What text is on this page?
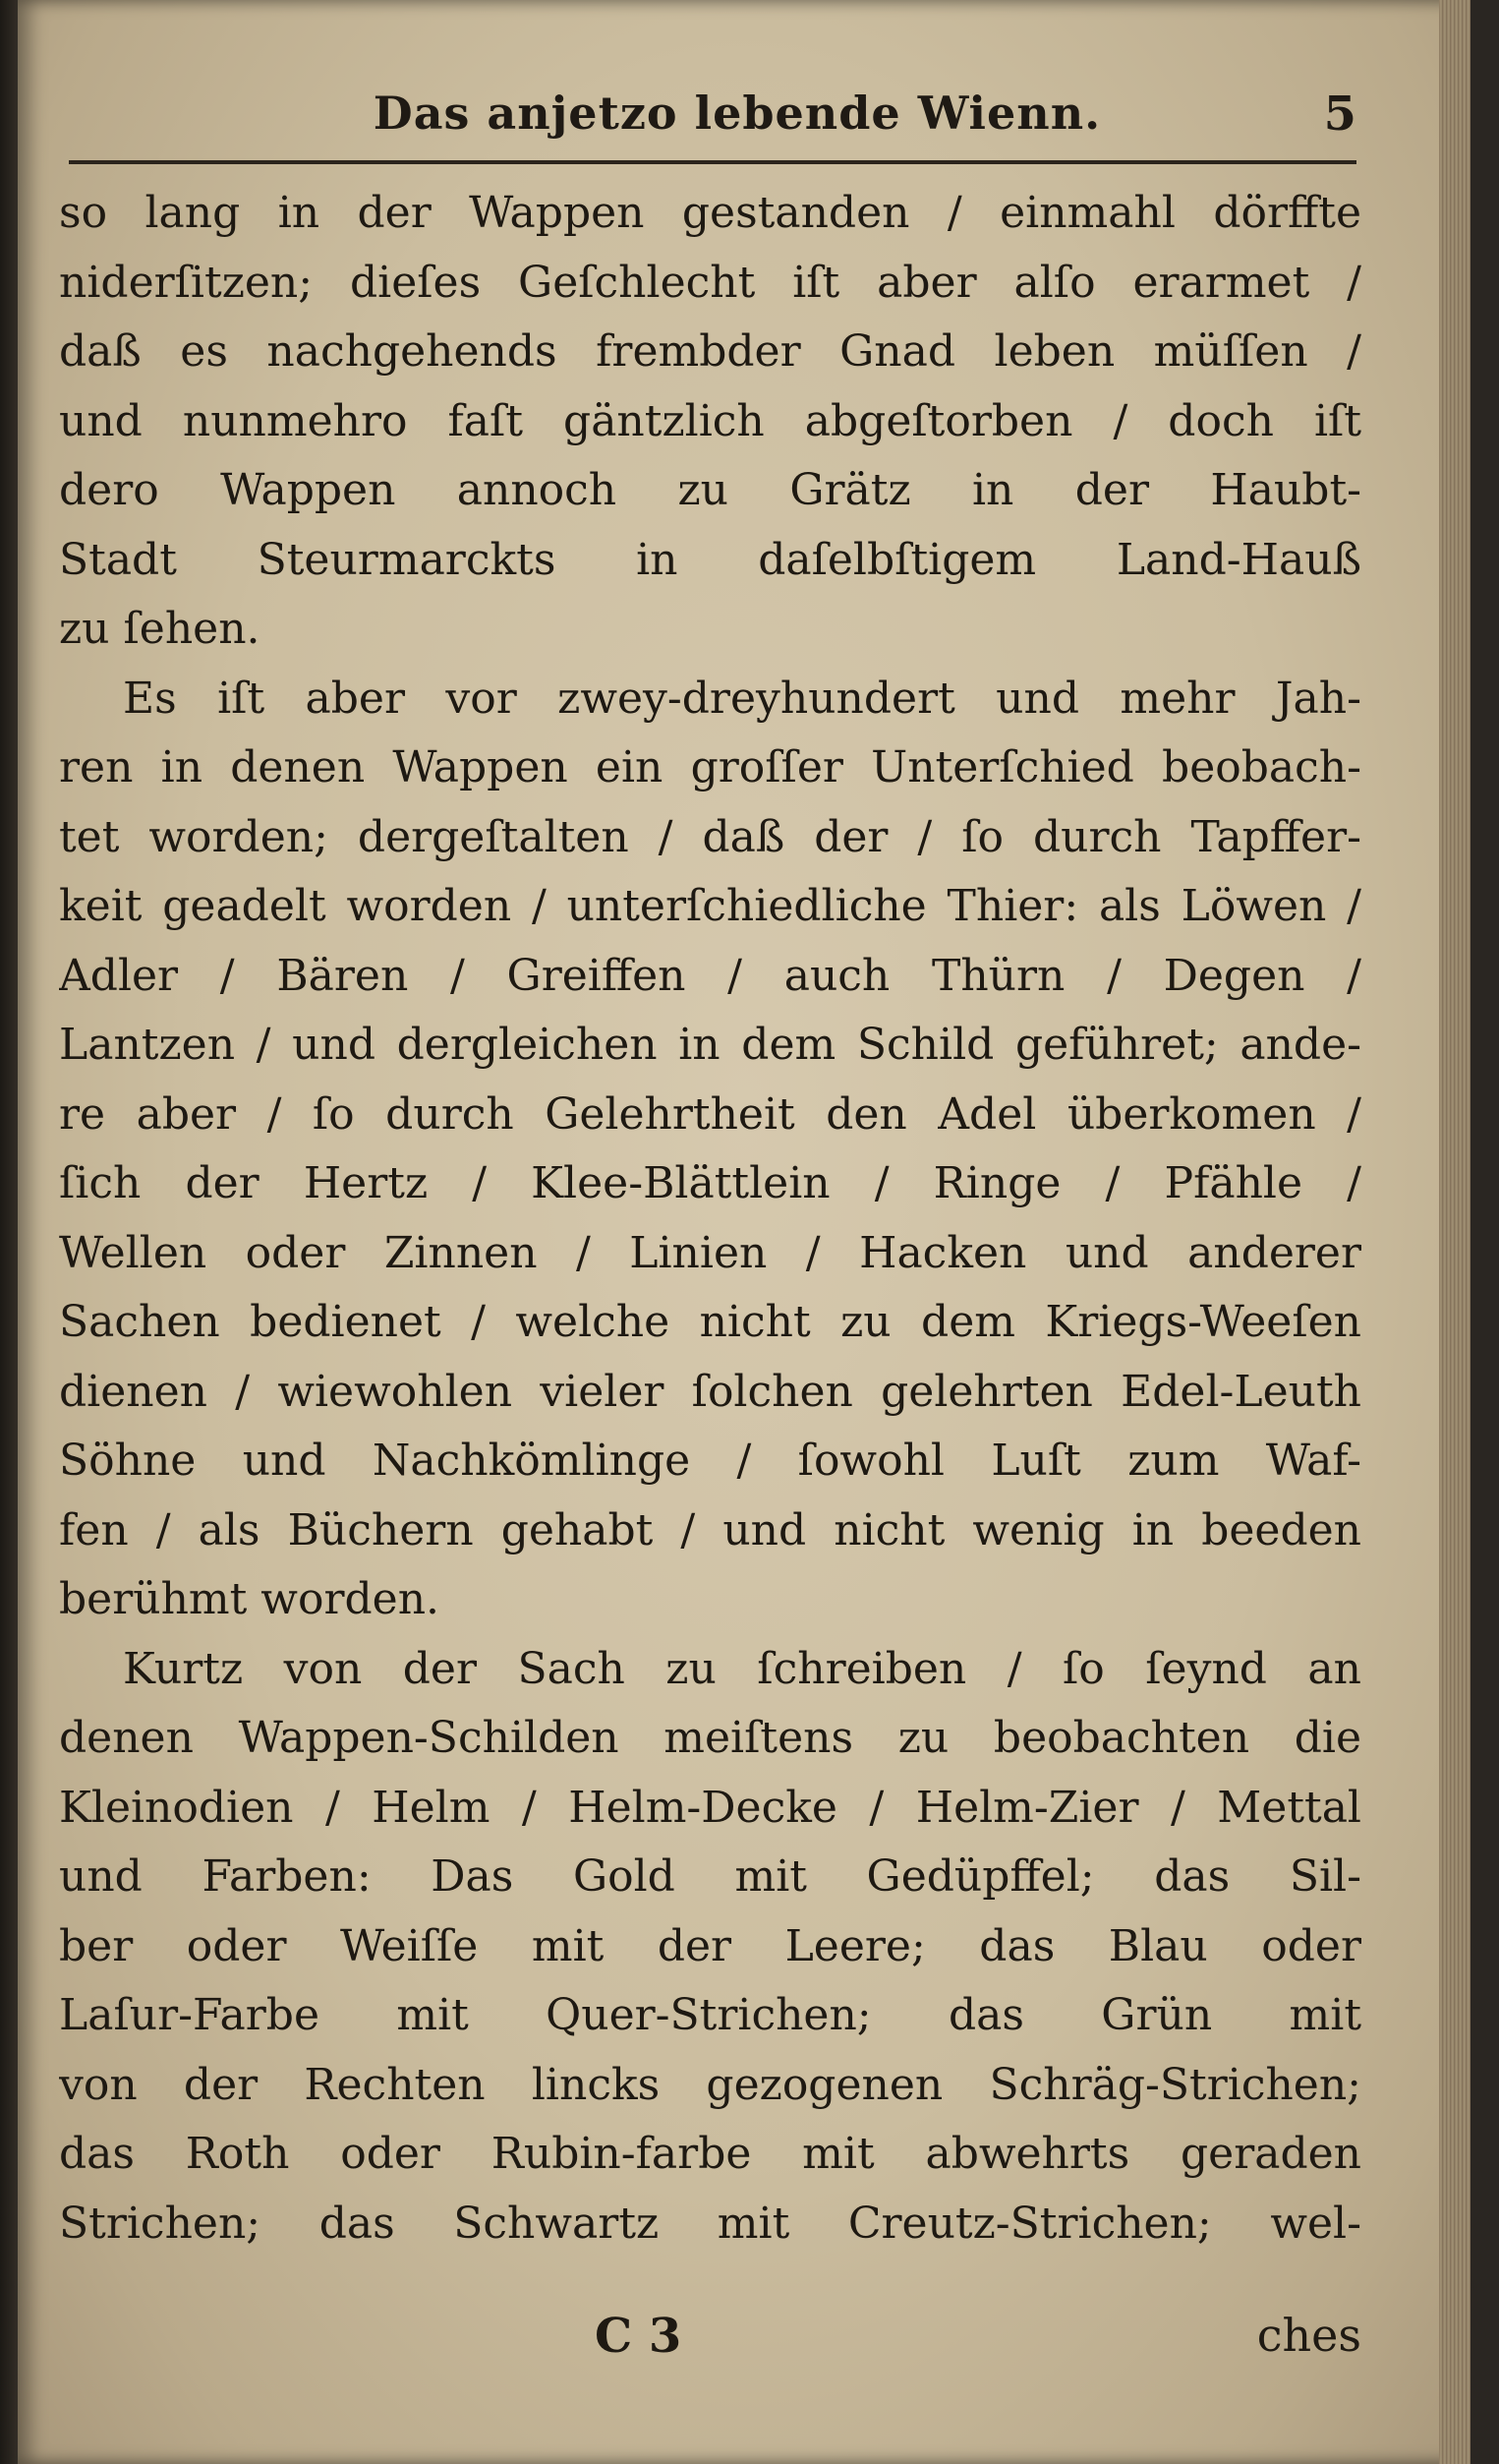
Das anjetzo lebende Wienn.	5
so lang in der Wappen gestanden / einmahl dörffte
niderſitzen; dieſes Geſchlecht iſt aber alſo erarmet /
daß es nachgehends frembder Gnad leben müſſen /
und nunmehro faſt gäntzlich abgeſtorben / doch iſt
dero Wappen annoch zu Grätz in der Haubt-
Stadt Steurmarckts in daſelbſtigem Land-Hauß
zu ſehen.
Es iſt aber vor zwey-dreyhundert und mehr Jah-
ren in denen Wappen ein groſſer Unterſchied beobach-
tet worden; dergeſtalten / daß der / ſo durch Tapffer-
keit geadelt worden / unterſchiedliche Thier: als Löwen /
Adler / Bären / Greiffen / auch Thürn / Degen /
Lantzen / und dergleichen in dem Schild geführet; ande-
re aber / ſo durch Gelehrtheit den Adel überkomen /
ſich der Hertz / Klee-Blättlein / Ringe / Pfähle /
Wellen oder Zinnen / Linien / Hacken und anderer
Sachen bedienet / welche nicht zu dem Kriegs-Weeſen
dienen / wiewohlen vieler ſolchen gelehrten Edel-Leuth
Söhne und Nachkömlinge / ſowohl Luſt zum Waf-
fen / als Büchern gehabt / und nicht wenig in beeden
berühmt worden.
Kurtz von der Sach zu ſchreiben / ſo ſeynd an
denen Wappen-Schilden meiſtens zu beobachten die
Kleinodien / Helm / Helm-Decke / Helm-Zier / Mettal
und Farben: Das Gold mit Gedüpffel; das Sil-
ber oder Weiſſe mit der Leere; das Blau oder
Laſur-Farbe mit Quer-Strichen; das Grün mit
von der Rechten lincks gezogenen Schräg-Strichen;
das Roth oder Rubin-farbe mit abwehrts geraden
Strichen; das Schwartz mit Creutz-Strichen; wel-
C 3	ches
